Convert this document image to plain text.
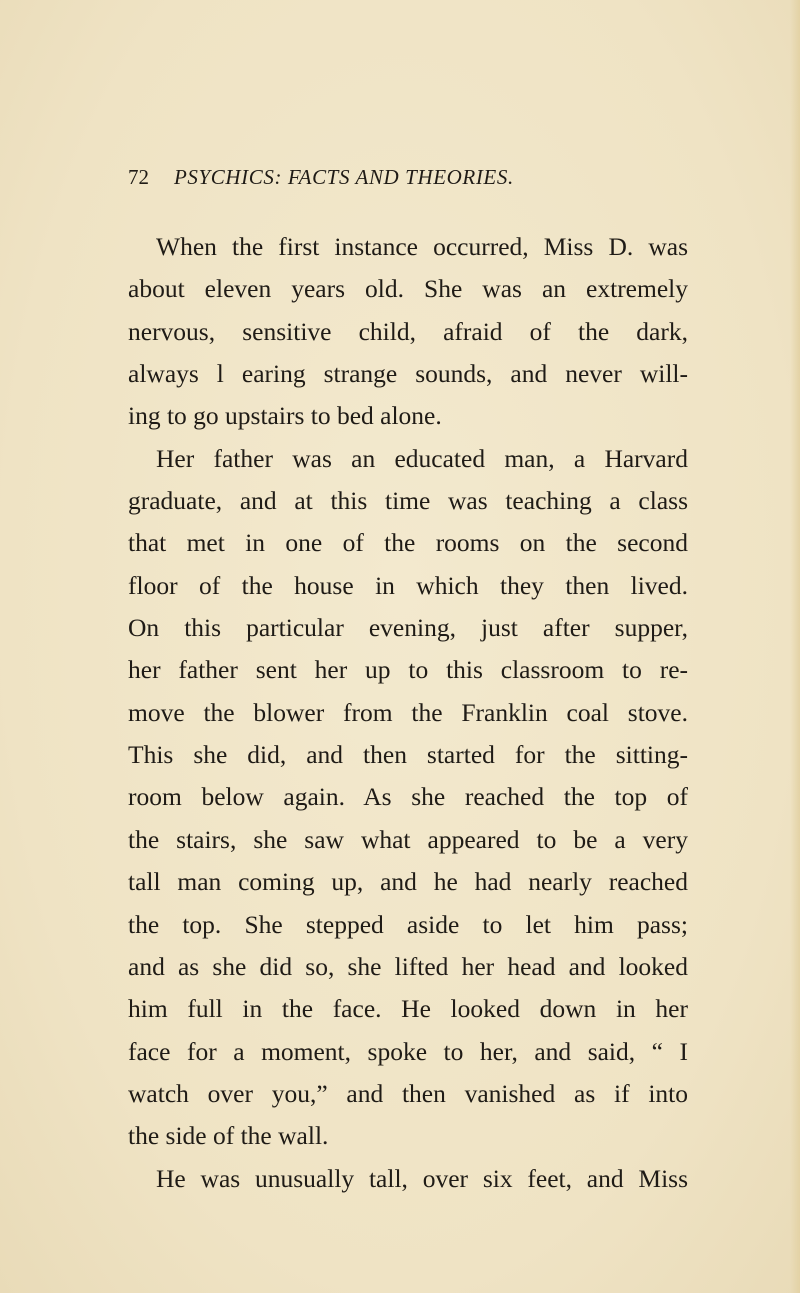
72 PSYCHICS: FACTS AND THEORIES.
When the first instance occurred, Miss D. was
about eleven years old. She was an extremely
nervous, sensitive child, afraid of the dark,
always l earing strange sounds, and never will-
ing to go upstairs to bed alone.
Her father was an educated man, a Harvard
graduate, and at this time was teaching a class
that met in one of the rooms on the second
floor of the house in which they then lived.
On this particular evening, just after supper,
her father sent her up to this classroom to re-
move the blower from the Franklin coal stove.
This she did, and then started for the sitting-
room below again. As she reached the top of
the stairs, she saw what appeared to be a very
tall man coming up, and he had nearly reached
the top. She stepped aside to let him pass;
and as she did so, she lifted her head and looked
him full in the face. He looked down in her
face for a moment, spoke to her, and said, “ I
watch over you,” and then vanished as if into
the side of the wall.
He was unusually tall, over six feet, and Miss
